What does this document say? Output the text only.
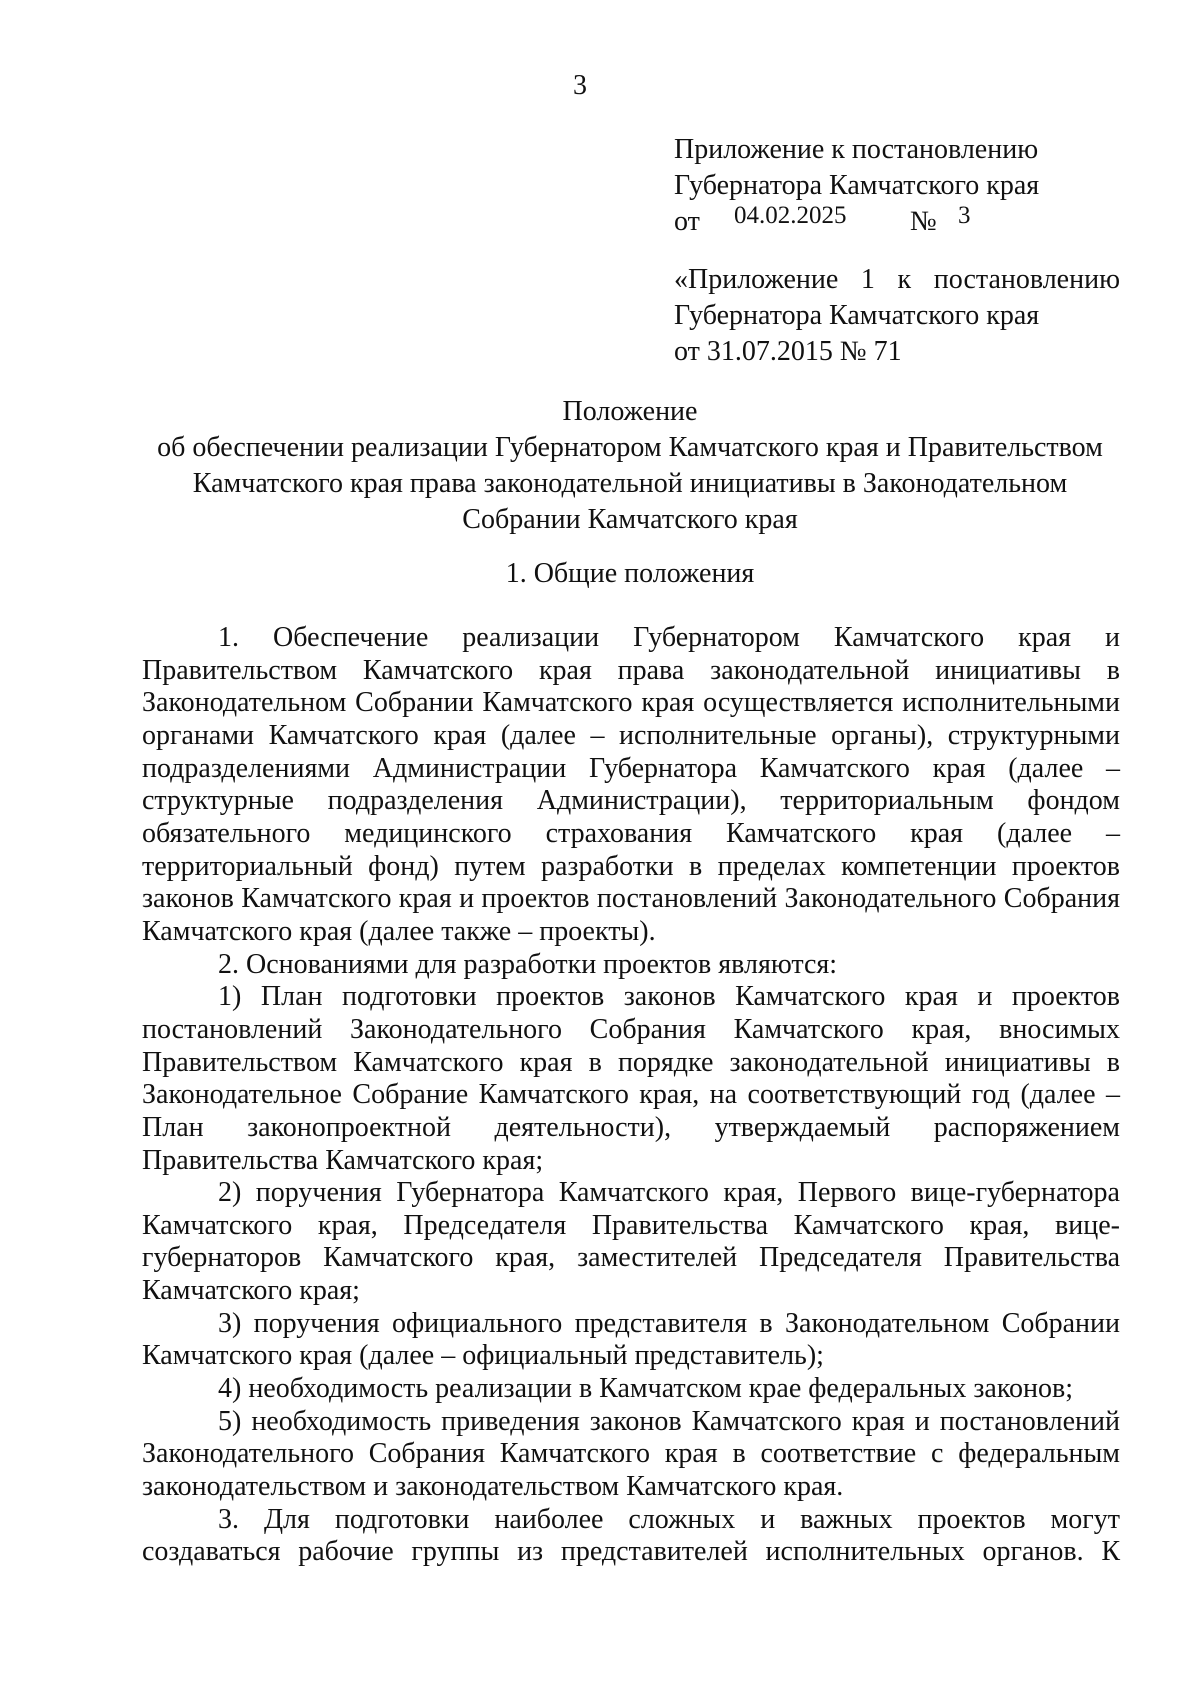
3
Приложение к постановлению
Губернатора Камчатского края
от 04.02.2025 № 3
«Приложение 1 к постановлению
Губернатора Камчатского края
от 31.07.2015 № 71
Положение
об обеспечении реализации Губернатором Камчатского края и Правительством
Камчатского края права законодательной инициативы в Законодательном
Собрании Камчатского края
1. Общие положения

1. Обеспечение реализации Губернатором Камчатского края и Правительством Камчатского края права законодательной инициативы в Законодательном Собрании Камчатского края осуществляется исполнительными органами Камчатского края (далее – исполнительные органы), структурными подразделениями Администрации Губернатора Камчатского края (далее – структурные подразделения Администрации), территориальным фондом обязательного медицинского страхования Камчатского края (далее – территориальный фонд) путем разработки в пределах компетенции проектов законов Камчатского края и проектов постановлений Законодательного Собрания Камчатского края (далее также – проекты).

2. Основаниями для разработки проектов являются:

1) План подготовки проектов законов Камчатского края и проектов постановлений Законодательного Собрания Камчатского края, вносимых Правительством Камчатского края в порядке законодательной инициативы в Законодательное Собрание Камчатского края, на соответствующий год (далее – План законопроектной деятельности), утверждаемый распоряжением Правительства Камчатского края;

2) поручения Губернатора Камчатского края, Первого вице-губернатора Камчатского края, Председателя Правительства Камчатского края, вице-губернаторов Камчатского края, заместителей Председателя Правительства Камчатского края;

3) поручения официального представителя в Законодательном Собрании Камчатского края (далее – официальный представитель);

4) необходимость реализации в Камчатском крае федеральных законов;

5) необходимость приведения законов Камчатского края и постановлений Законодательного Собрания Камчатского края в соответствие с федеральным законодательством и законодательством Камчатского края.

3. Для подготовки наиболее сложных и важных проектов могут создаваться рабочие группы из представителей исполнительных органов. К
